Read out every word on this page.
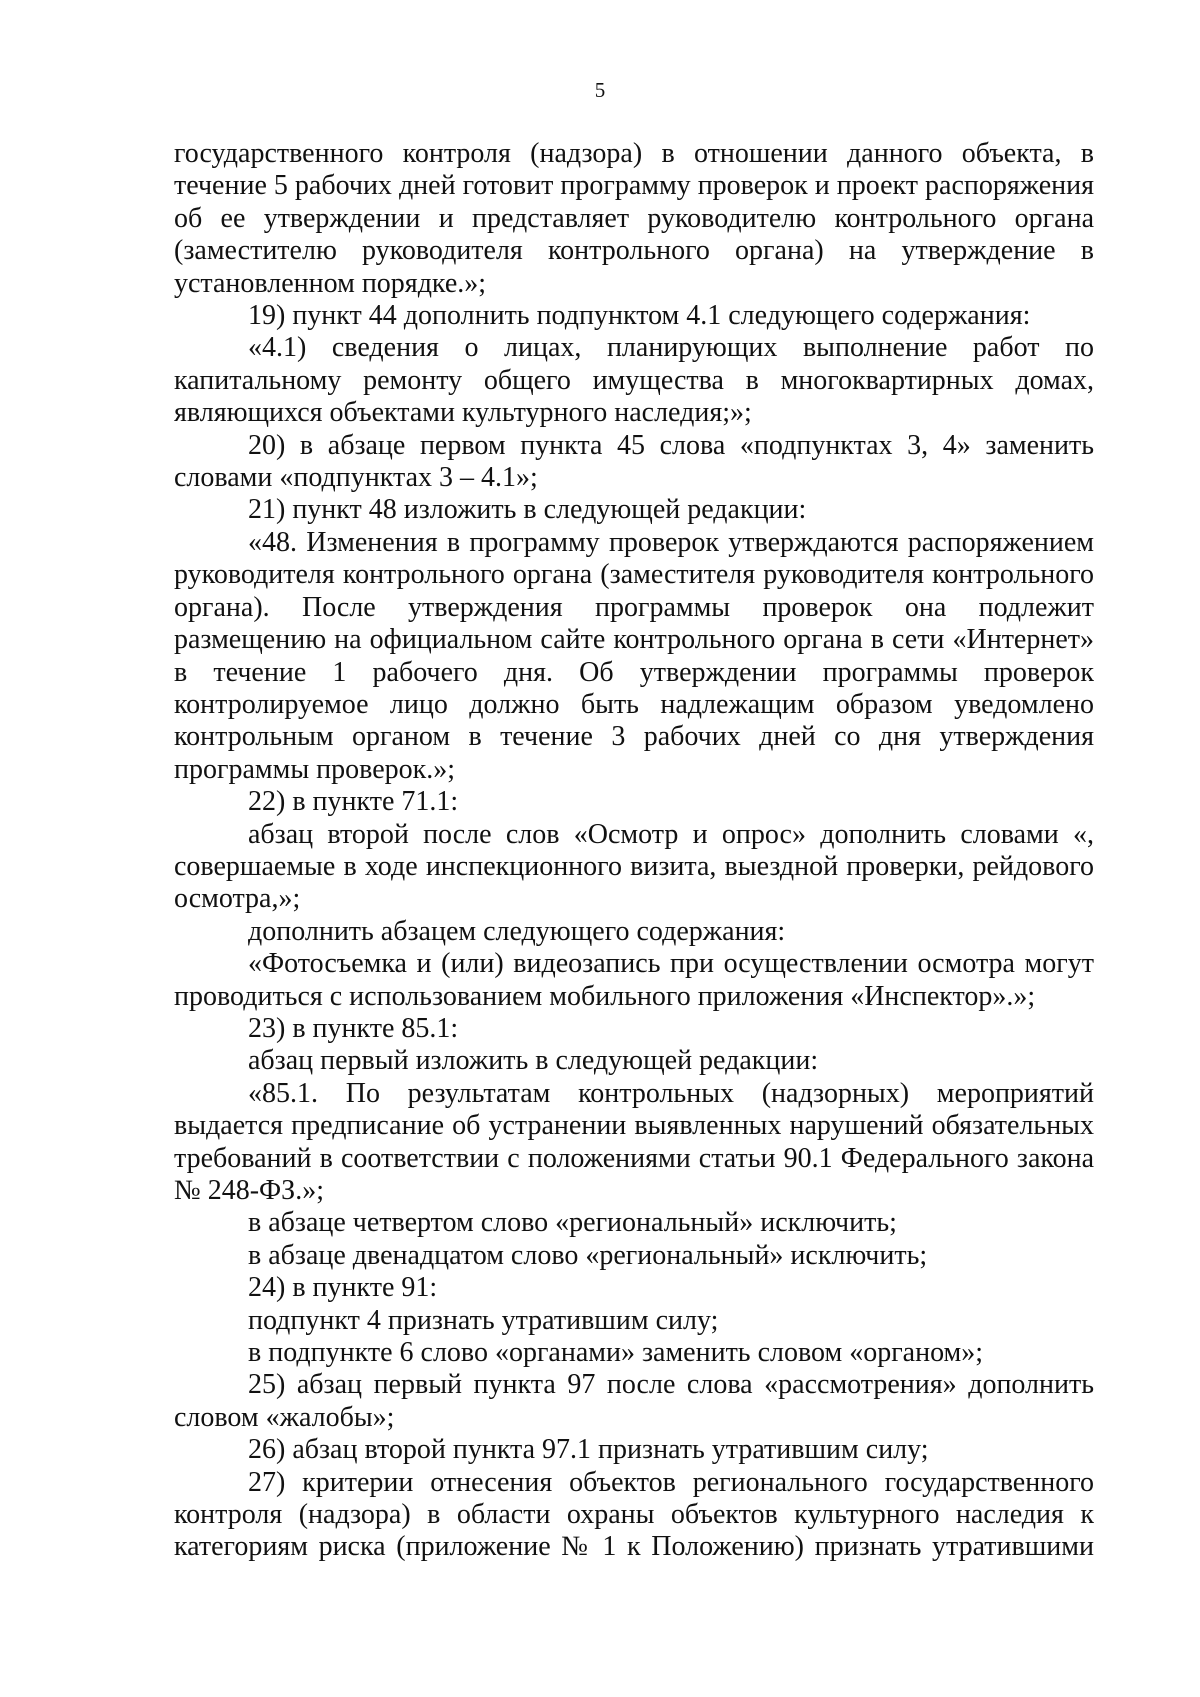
5

государственного контроля (надзора) в отношении данного объекта, в течение 5 рабочих дней готовит программу проверок и проект распоряжения об ее утверждении и представляет руководителю контрольного органа (заместителю руководителя контрольного органа) на утверждение в установленном порядке.»;

19) пункт 44 дополнить подпунктом 4.1 следующего содержания:

«4.1) сведения о лицах, планирующих выполнение работ по капитальному ремонту общего имущества в многоквартирных домах, являющихся объектами культурного наследия;»;

20) в абзаце первом пункта 45 слова «подпунктах 3, 4» заменить словами «подпунктах 3 – 4.1»;

21) пункт 48 изложить в следующей редакции:

«48. Изменения в программу проверок утверждаются распоряжением руководителя контрольного органа (заместителя руководителя контрольного органа). После утверждения программы проверок она подлежит размещению на официальном сайте контрольного органа в сети «Интернет» в течение 1 рабочего дня. Об утверждении программы проверок контролируемое лицо должно быть надлежащим образом уведомлено контрольным органом в течение 3 рабочих дней со дня утверждения программы проверок.»;

22) в пункте 71.1:

абзац второй после слов «Осмотр и опрос» дополнить словами «, совершаемые в ходе инспекционного визита, выездной проверки, рейдового осмотра,»;

дополнить абзацем следующего содержания:

«Фотосъемка и (или) видеозапись при осуществлении осмотра могут проводиться с использованием мобильного приложения «Инспектор».»;

23) в пункте 85.1:

абзац первый изложить в следующей редакции:

«85.1. По результатам контрольных (надзорных) мероприятий выдается предписание об устранении выявленных нарушений обязательных требований в соответствии с положениями статьи 90.1 Федерального закона № 248-ФЗ.»;

в абзаце четвертом слово «региональный» исключить;

в абзаце двенадцатом слово «региональный» исключить;

24) в пункте 91:

подпункт 4 признать утратившим силу;

в подпункте 6 слово «органами» заменить словом «органом»;

25) абзац первый пункта 97 после слова «рассмотрения» дополнить словом «жалобы»;

26) абзац второй пункта 97.1 признать утратившим силу;

27) критерии отнесения объектов регионального государственного контроля (надзора) в области охраны объектов культурного наследия к категориям риска (приложение № 1 к Положению) признать утратившими
